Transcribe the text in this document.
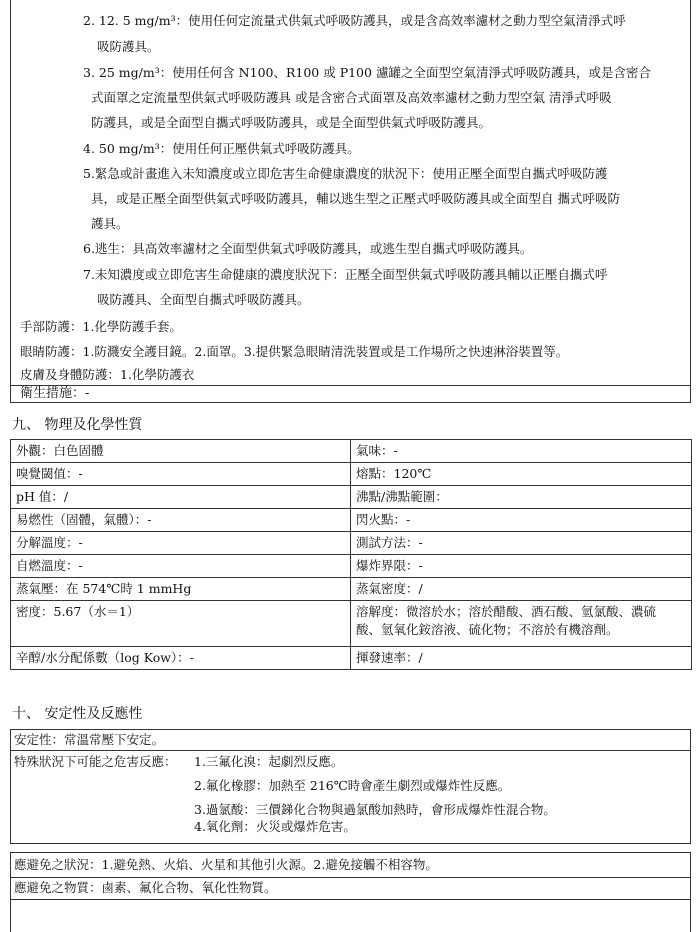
2. 12. 5 mg/m³：使用任何定流量式供氣式呼吸防護具，或是含高效率濾材之動力型空氣清淨式呼
吸防護具。
3. 25 mg/m³：使用任何含 N100、R100 或 P100 濾罐之全面型空氣清淨式呼吸防護具，或是含密合
式面罩之定流量型供氣式呼吸防護具 或是含密合式面罩及高效率濾材之動力型空氣 清淨式呼吸
防護具，或是全面型自攜式呼吸防護具，或是全面型供氣式呼吸防護具。
4. 50 mg/m³：使用任何正壓供氣式呼吸防護具。
5.緊急或計畫進入未知濃度或立即危害生命健康濃度的狀況下：使用正壓全面型自攜式呼吸防護
具，或是正壓全面型供氣式呼吸防護具，輔以逃生型之正壓式呼吸防護具或全面型自 攜式呼吸防
護具。
6.逃生：具高效率濾材之全面型供氣式呼吸防護具，或逃生型自攜式呼吸防護具。
7.未知濃度或立即危害生命健康的濃度狀況下：正壓全面型供氣式呼吸防護具輔以正壓自攜式呼
吸防護具、全面型自攜式呼吸防護具。
手部防護：1.化學防護手套。
眼睛防護：1.防濺安全護目鏡。2.面罩。3.提供緊急眼睛清洗裝置或是工作場所之快速淋浴裝置等。
皮膚及身體防護：1.化學防護衣
衛生措施：-
九、 物理及化學性質
外觀：白色固體	氣味：-
嗅覺閾值：-	熔點：120℃
pH 值：/	沸點/沸點範圍：
易燃性（固體，氣體）：-	閃火點：-
分解溫度：-	測試方法：-
自燃溫度：-	爆炸界限：-
蒸氣壓：在 574℃時 1 mmHg	蒸氣密度：/
密度：5.67（水＝1）	溶解度：微溶於水；溶於醋酸、酒石酸、氫氯酸、濃硫
酸、氫氧化銨溶液、硫化物；不溶於有機溶劑。

辛醇/水分配係數（log Kow）：-	揮發速率：/
十、 安定性及反應性
安定性：常溫常壓下安定。
特殊狀況下可能之危害反應： 1.三氟化溴：起劇烈反應。
2.氟化橡膠：加熱至 216℃時會產生劇烈或爆炸性反應。
3.過氯酸：三價銻化合物與過氯酸加熱時，會形成爆炸性混合物。
4.氧化劑：火災或爆炸危害。
應避免之狀況：1.避免熱、火焰、火星和其他引火源。2.避免接觸不相容物。
應避免之物質：鹵素、氟化合物、氧化性物質。
